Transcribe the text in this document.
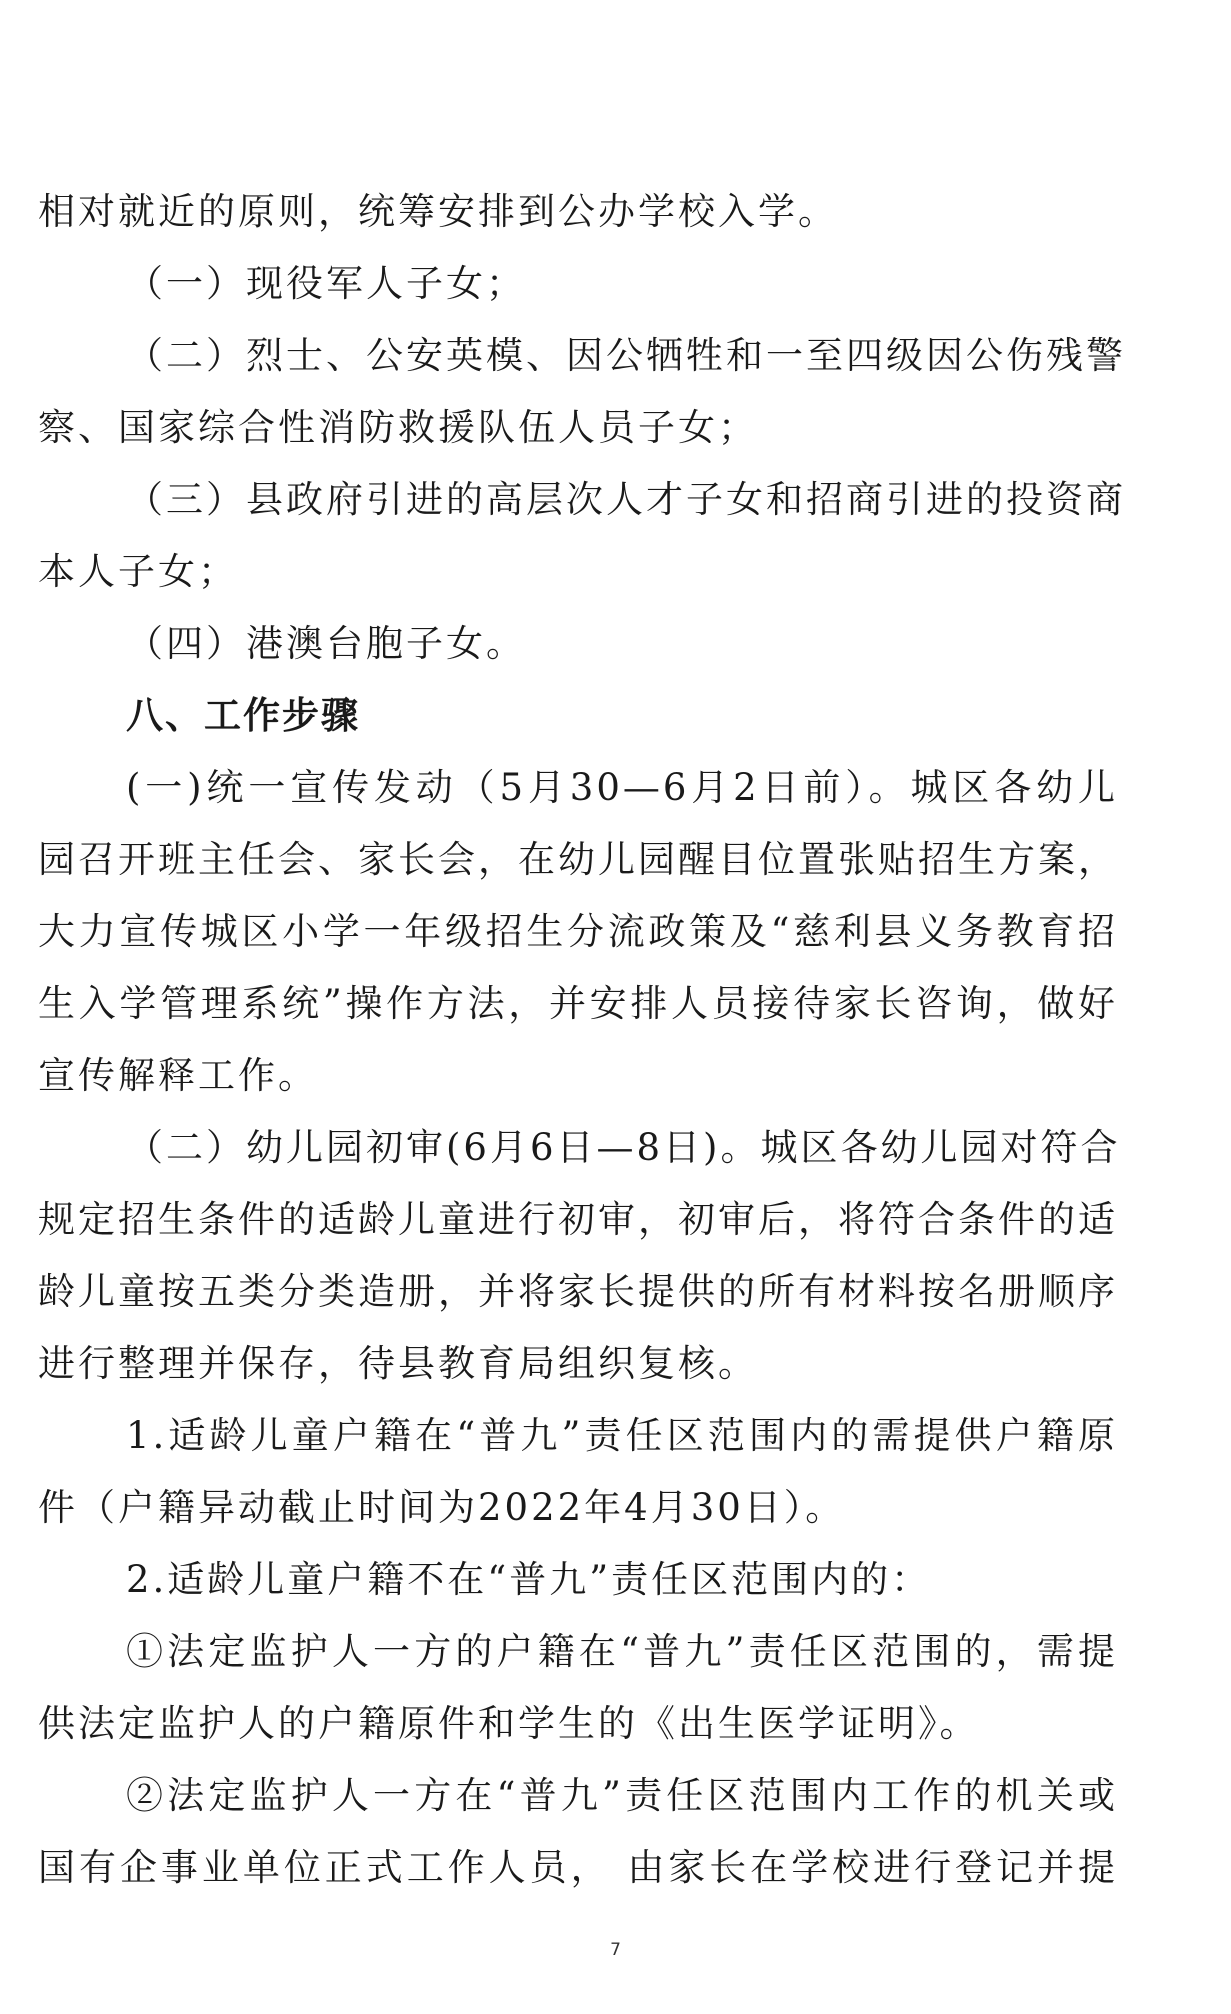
相对就近的原则，统筹安排到公办学校入学。
（一）现役军人子女；
（二）烈士、公安英模、因公牺牲和一至四级因公伤残警
察、国家综合性消防救援队伍人员子女；
（三）县政府引进的高层次人才子女和招商引进的投资商
本人子女；
（四）港澳台胞子女。
八、工作步骤
(一)统一宣传发动（5月30—6月2日前）。城区各幼儿
园召开班主任会、家长会，在幼儿园醒目位置张贴招生方案，
大力宣传城区小学一年级招生分流政策及“慈利县义务教育招
生入学管理系统”操作方法，并安排人员接待家长咨询，做好
宣传解释工作。
（二）幼儿园初审(6月6日—8日)。城区各幼儿园对符合
规定招生条件的适龄儿童进行初审，初审后，将符合条件的适
龄儿童按五类分类造册，并将家长提供的所有材料按名册顺序
进行整理并保存，待县教育局组织复核。
1.适龄儿童户籍在“普九”责任区范围内的需提供户籍原
件（户籍异动截止时间为2022年4月30日）。
2.适龄儿童户籍不在“普九”责任区范围内的：
①法定监护人一方的户籍在“普九”责任区范围的，需提
供法定监护人的户籍原件和学生的《出生医学证明》。
②法定监护人一方在“普九”责任区范围内工作的机关或
国有企事业单位正式工作人员， 由家长在学校进行登记并提
7
